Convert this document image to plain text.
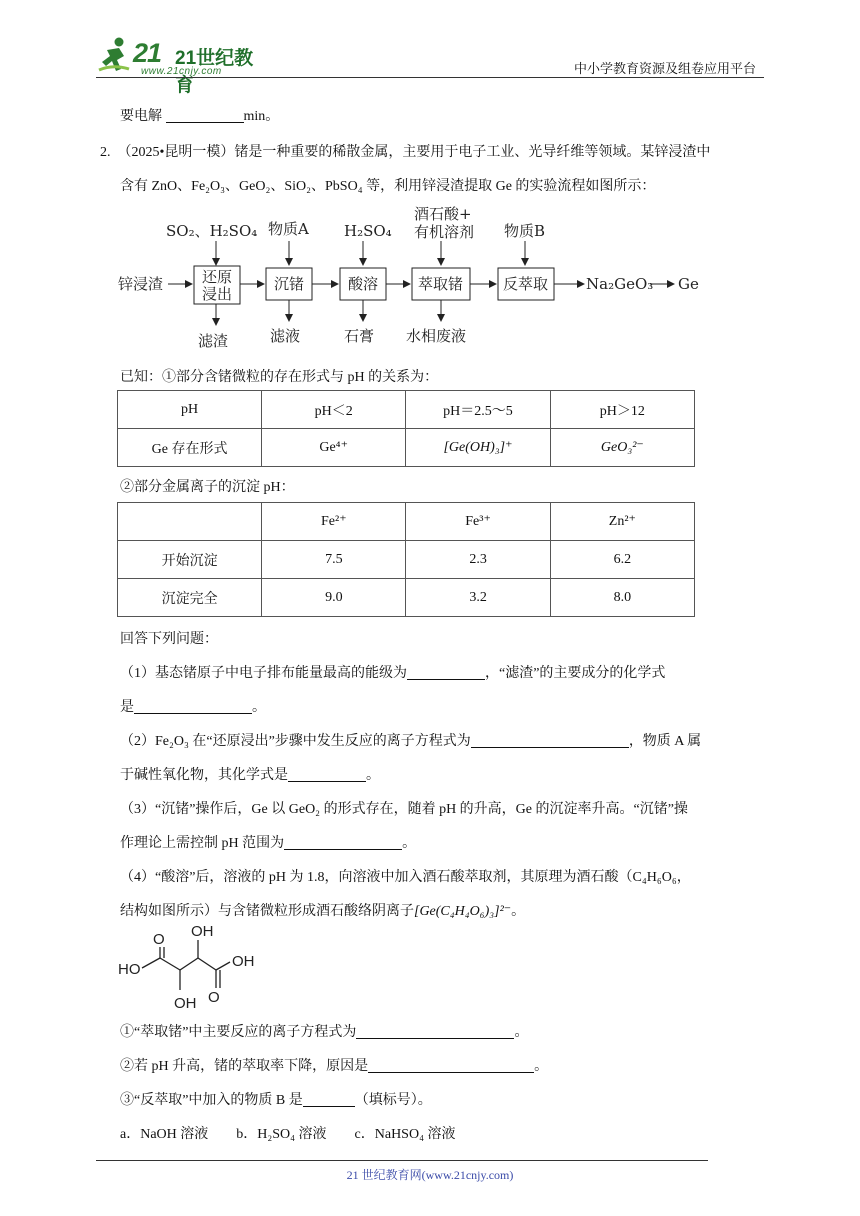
21 21世纪教育
www.21cnjy.com	中小学教育资源及组卷应用平台
要电解	min。
2. （2025•昆明一模）锗是一种重要的稀散金属，主要用于电子工业、光导纤维等领域。某锌浸渣中
含有 ZnO、Fe₂O₃、GeO₂、SiO₂、PbSO₄ 等，利用锌浸渣提取 Ge 的实验流程如图所示：
SO₂、H₂SO₄ 物质A H₂SO₄
酒石酸+
有机溶剂 物质B
锌浸渣	还原
浸出
沉锗	酸溶	萃取锗	反萃取	Na₂GeO₃ Ge
滤渣	滤液	石膏 水相废液
已知：①部分含锗微粒的存在形式与 pH 的关系为：
pH	pH＜2	pH＝2.5～5	pH＞12
Ge 存在形式	Ge⁴⁺	[Ge(OH)₃]⁺	GeO₃²⁻
②部分金属离子的沉淀 pH：
	Fe²⁺	Fe³⁺	Zn²⁺
开始沉淀	7.5	2.3	6.2
沉淀完全	9.0	3.2	8.0
回答下列问题：
（1）基态锗原子中电子排布能量最高的能级为	，“滤渣”的主要成分的化学式
是	。
（2）Fe₂O₃ 在“还原浸出”步骤中发生反应的离子方程式为	，物质 A 属
于碱性氧化物，其化学式是	。
（3）“沉锗”操作后，Ge 以 GeO₂ 的形式存在，随着 pH 的升高，Ge 的沉淀率升高。“沉锗”操
作理论上需控制 pH 范围为	。
（4）“酸溶”后，溶液的 pH 为 1.8，向溶液中加入酒石酸萃取剂，其原理为酒石酸（C₄H₆O₆，
结构如图所示）与含锗微粒形成酒石酸络阴离子[Ge(C₄H₄O₆)₃]²⁻。
OH
O
HO	OH
OH O
①“萃取锗”中主要反应的离子方程式为	。
②若 pH 升高，锗的萃取率下降，原因是	。
③“反萃取”中加入的物质 B 是	（填标号）。
a．NaOH 溶液　　b．H₂SO₄ 溶液　　c．NaHSO₄ 溶液
21 世纪教育网(www.21cnjy.com)
